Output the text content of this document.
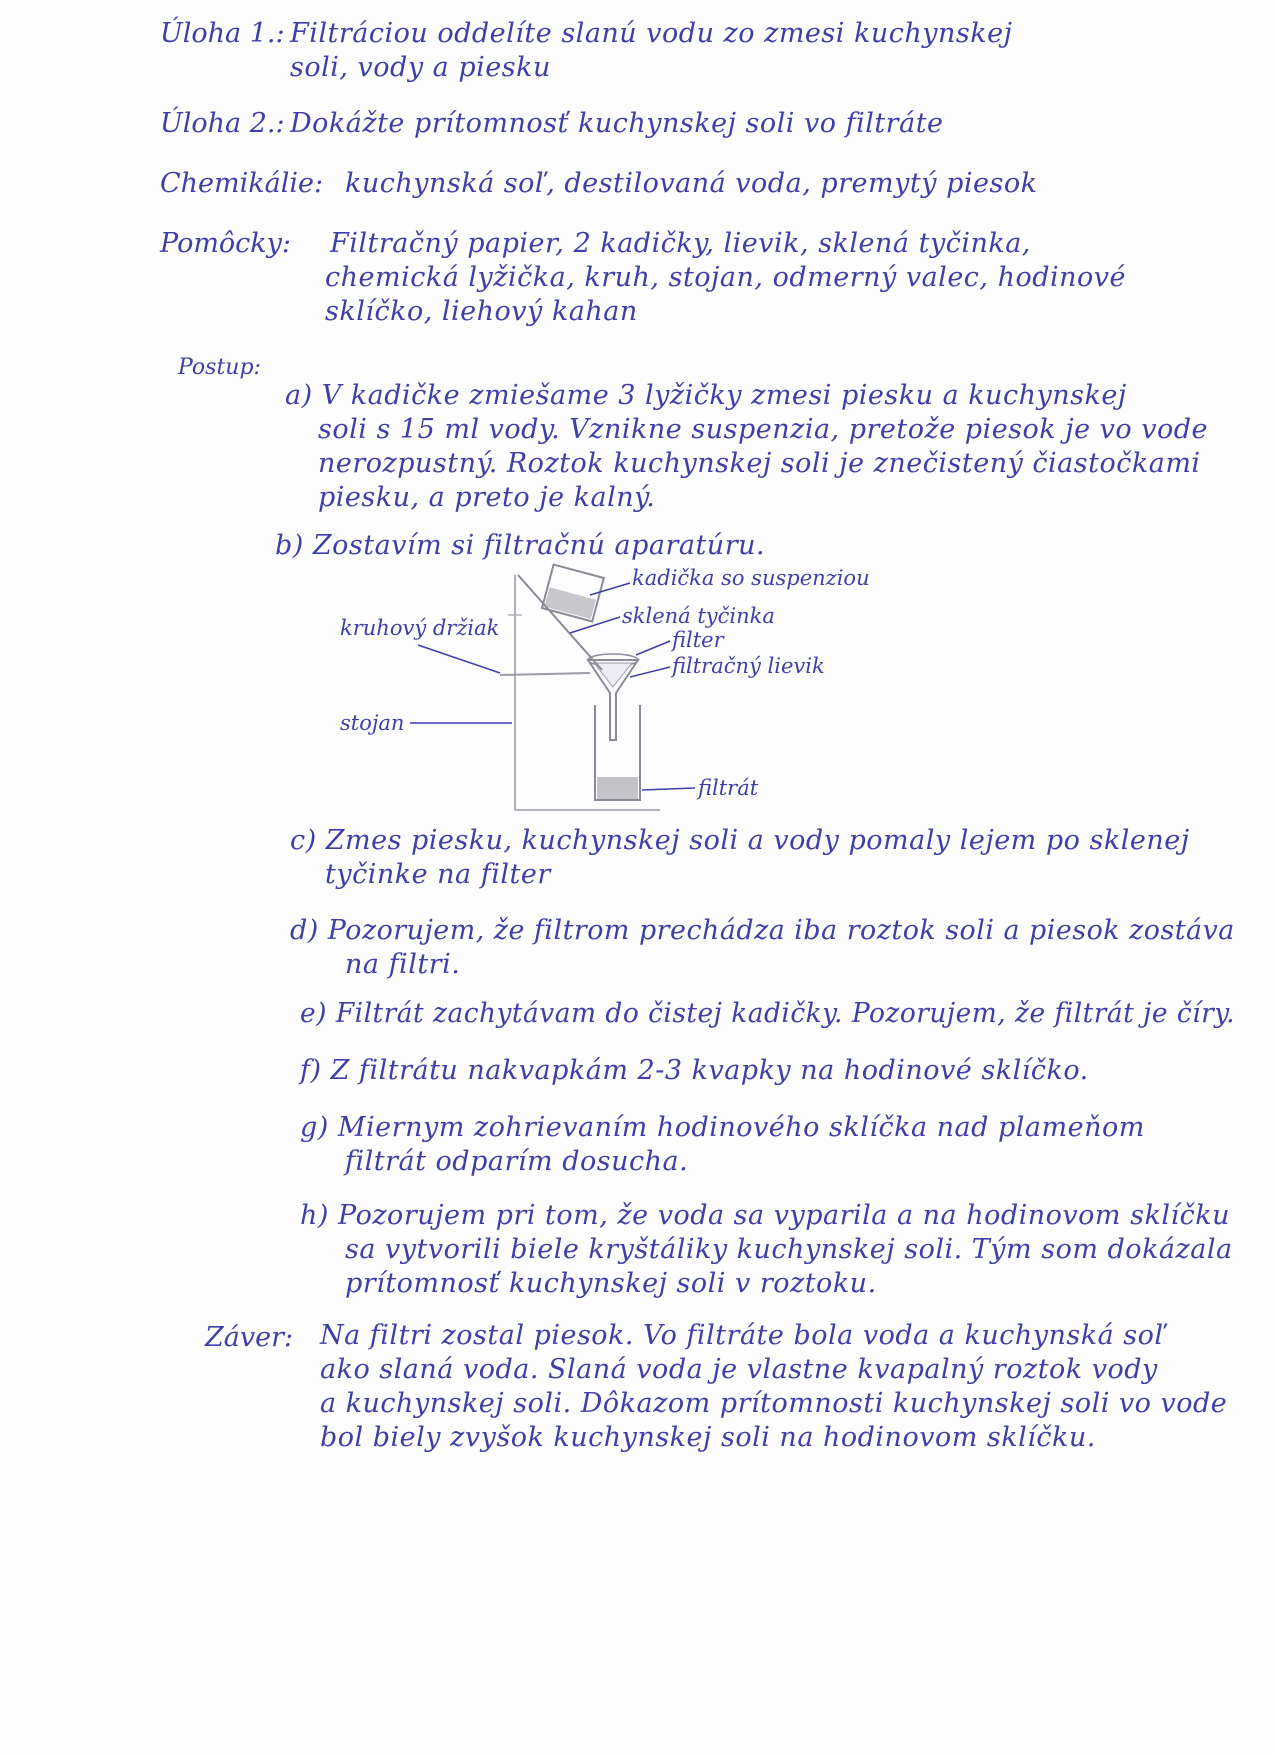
Úloha 1.: Filtráciou oddelíte slanú vodu zo zmesi kuchynskej
soli, vody a piesku
Úloha 2.: Dokážte prítomnosť kuchynskej soli vo filtráte
Chemikálie: kuchynská soľ, destilovaná voda, premytý piesok
Pomôcky: Filtračný papier, 2 kadičky, lievik, sklená tyčinka,
chemická lyžička, kruh, stojan, odmerný valec, hodinové
sklíčko, liehový kahan
Postup:
a) V kadičke zmiešame 3 lyžičky zmesi piesku a kuchynskej
soli s 15 ml vody. Vznikne suspenzia, pretože piesok je vo vode
nerozpustný. Roztok kuchynskej soli je znečistený čiastočkami
piesku, a preto je kalný.
b) Zostavím si filtračnú aparatúru.
kadička so suspenziou
sklená tyčinka
filter
filtračný lievik
filtrát
kruhový držiak
stojan
c) Zmes piesku, kuchynskej soli a vody pomaly lejem po sklenej
tyčinke na filter
d) Pozorujem, že filtrom prechádza iba roztok soli a piesok zostáva
na filtri.
e) Filtrát zachytávam do čistej kadičky. Pozorujem, že filtrát je číry.
f) Z filtrátu nakvapkám 2-3 kvapky na hodinové sklíčko.
g) Miernym zohrievaním hodinového sklíčka nad plameňom
filtrát odparím dosucha.
h) Pozorujem pri tom, že voda sa vyparila a na hodinovom sklíčku
sa vytvorili biele kryštáliky kuchynskej soli. Tým som dokázala
prítomnosť kuchynskej soli v roztoku.
Záver: Na filtri zostal piesok. Vo filtráte bola voda a kuchynská soľ
ako slaná voda. Slaná voda je vlastne kvapalný roztok vody
a kuchynskej soli. Dôkazom prítomnosti kuchynskej soli vo vode
bol biely zvyšok kuchynskej soli na hodinovom sklíčku.
